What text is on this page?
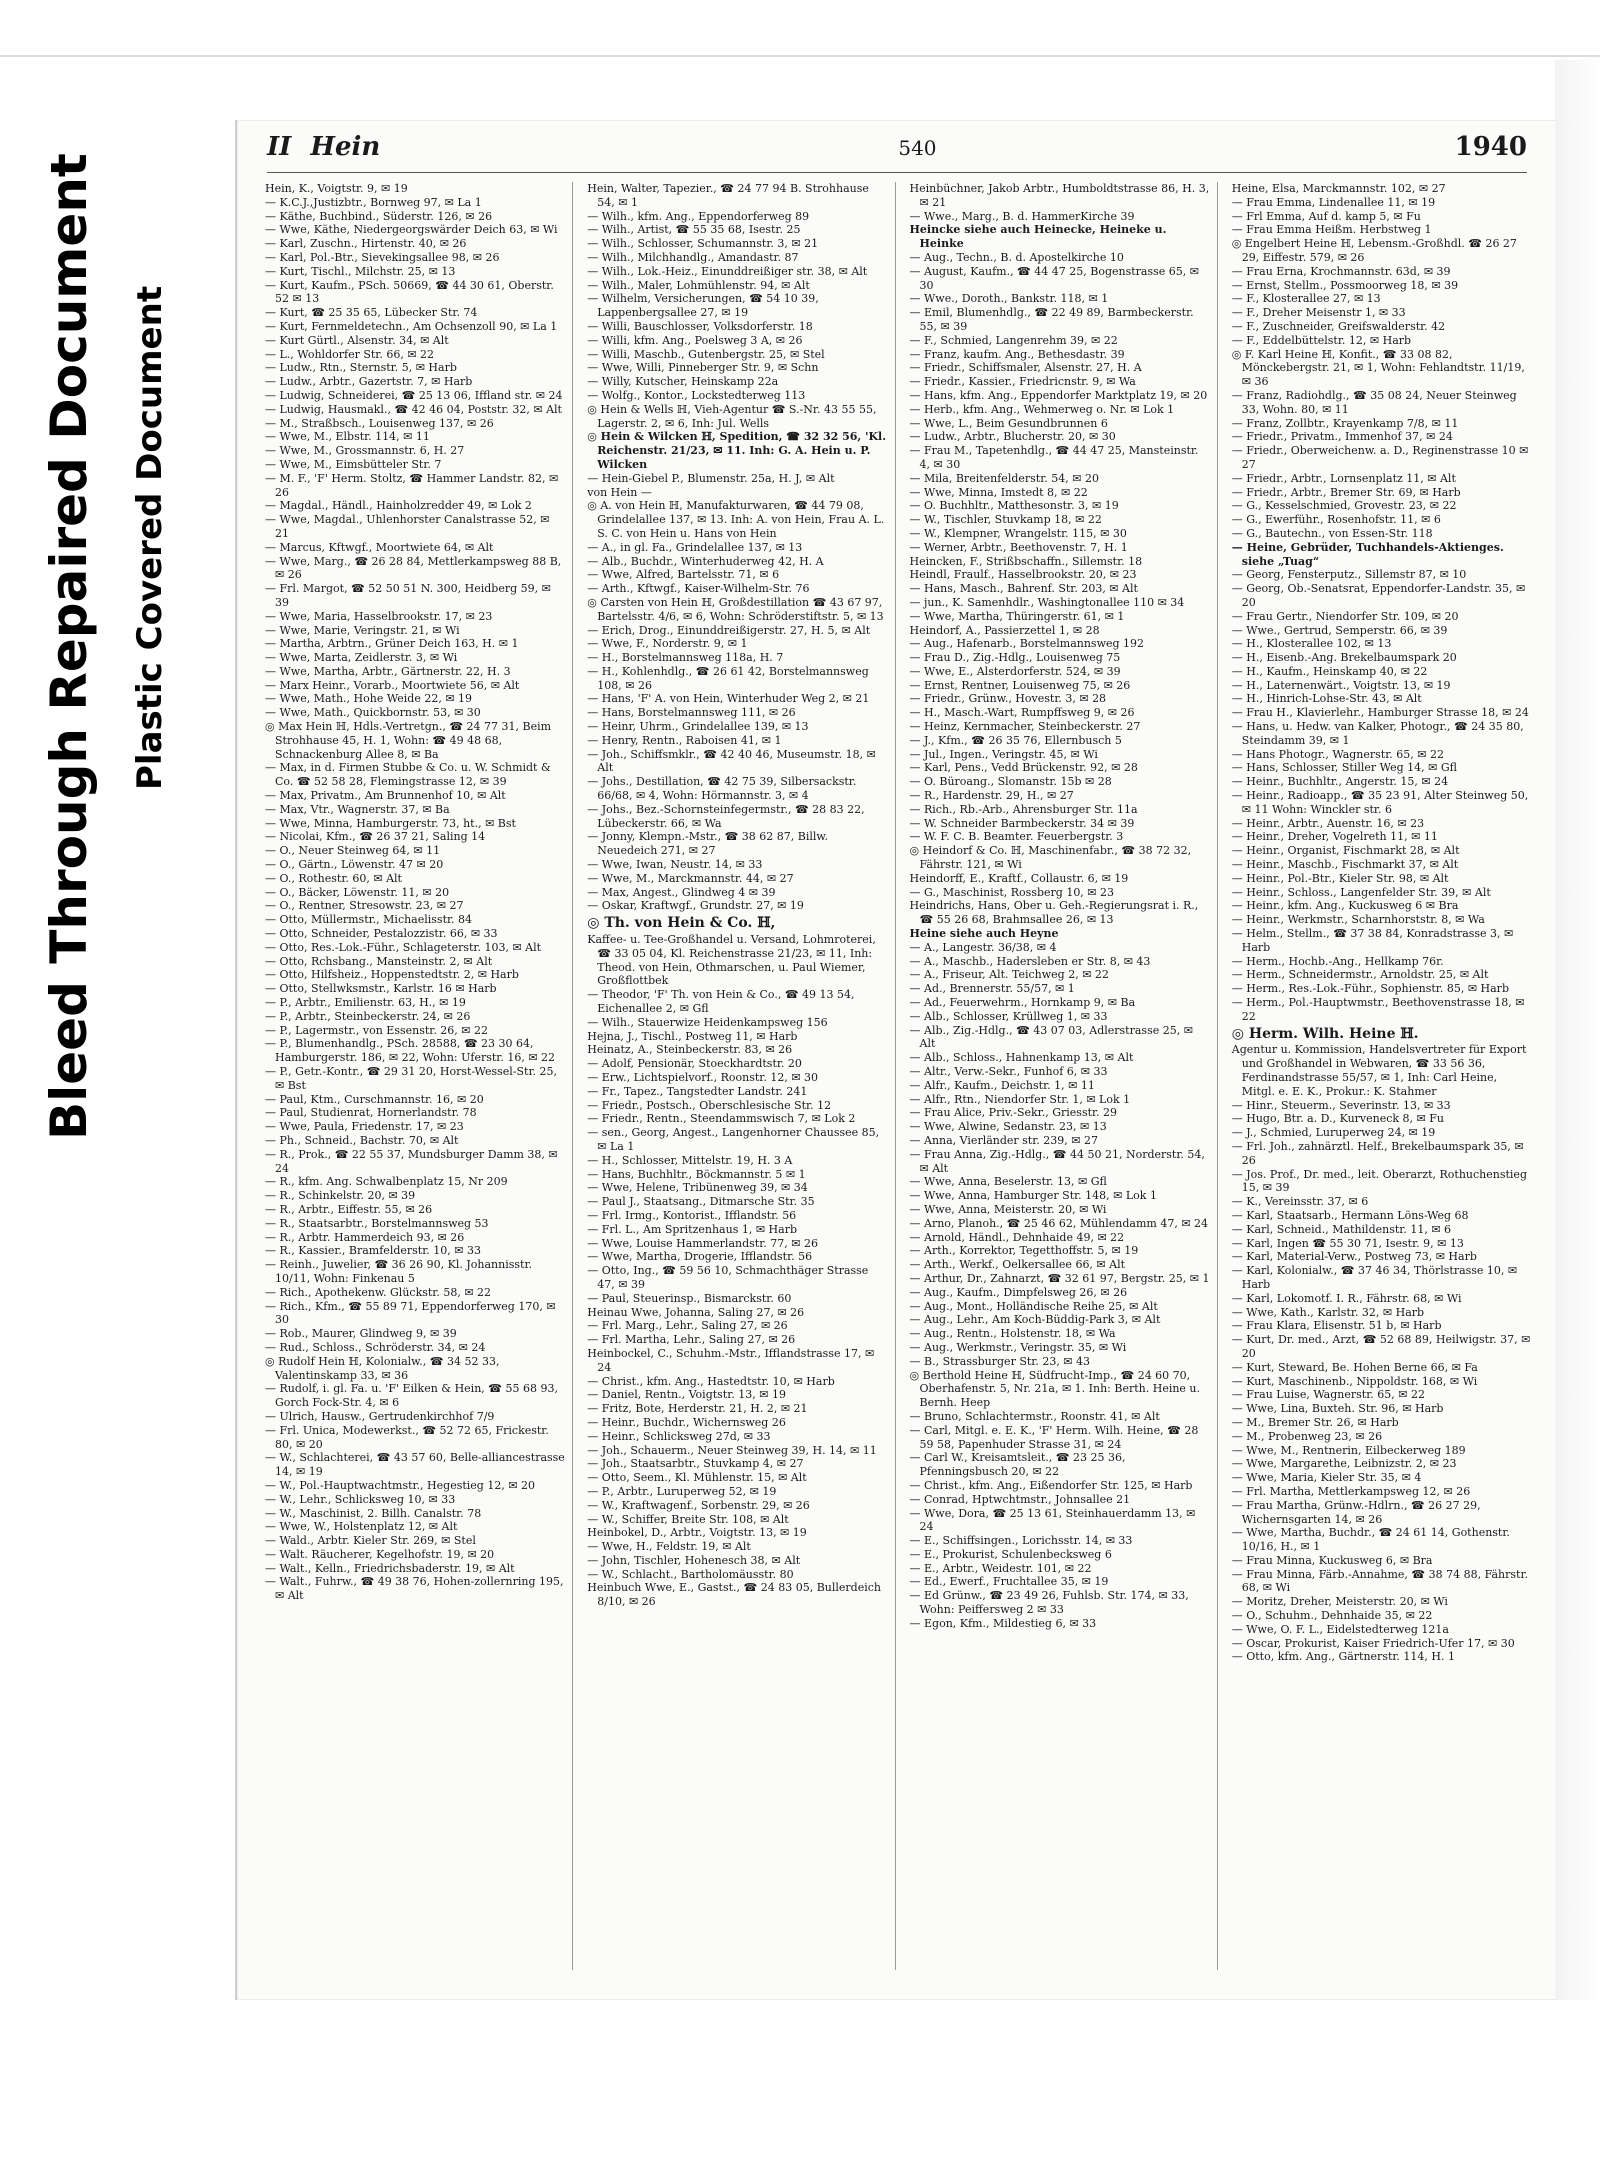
Bleed Through Repaired Document Plastic Covered Document
II Hein	540	1940

Hein, K., Voigtstr. 9, ✉ 19

— K.C.J.,Justizbtr., Bornweg 97, ✉ La 1

— Käthe, Buchbind., Süderstr. 126, ✉ 26

— Wwe, Käthe, Niedergeorgswärder Deich 63, ✉ Wi

— Karl, Zuschn., Hirtenstr. 40, ✉ 26

— Karl, Pol.-Btr., Sievekingsallee 98, ✉ 26

— Kurt, Tischl., Milchstr. 25, ✉ 13

— Kurt, Kaufm., PSch. 50669, ☎ 44 30 61, Oberstr. 52 ✉ 13

— Kurt, ☎ 25 35 65, Lübecker Str. 74

— Kurt, Fernmeldetechn., Am Ochsenzoll 90, ✉ La 1

— Kurt Gürtl., Alsenstr. 34, ✉ Alt

— L., Wohldorfer Str. 66, ✉ 22

— Ludw., Rtn., Sternstr. 5, ✉ Harb

— Ludw., Arbtr., Gazertstr. 7, ✉ Harb

— Ludwig, Schneiderei, ☎ 25 13 06, Iffland str. ✉ 24

— Ludwig, Hausmakl., ☎ 42 46 04, Poststr. 32, ✉ Alt

— M., Straßbsch., Louisenweg 137, ✉ 26

— Wwe, M., Elbstr. 114, ✉ 11

— Wwe, M., Grossmannstr. 6, H. 27

— Wwe, M., Eimsbütteler Str. 7

— M. F., 'F' Herm. Stoltz, ☎ Hammer Landstr. 82, ✉ 26

— Magdal., Händl., Hainholzredder 49, ✉ Lok 2

— Wwe, Magdal., Uhlenhorster Canalstrasse 52, ✉ 21

— Marcus, Kftwgf., Moortwiete 64, ✉ Alt

— Wwe, Marg., ☎ 26 28 84, Mettlerkampsweg 88 B, ✉ 26

— Frl. Margot, ☎ 52 50 51 N. 300, Heidberg 59, ✉ 39

— Wwe, Maria, Hasselbrookstr. 17, ✉ 23

— Wwe, Marie, Veringstr. 21, ✉ Wi

— Martha, Arbtrn., Grüner Deich 163, H. ✉ 1

— Wwe, Marta, Zeidlerstr. 3, ✉ Wi

— Wwe, Martha, Arbtr., Gärtnerstr. 22, H. 3

— Marx Heinr., Vorarb., Moortwiete 56, ✉ Alt

— Wwe, Math., Hohe Weide 22, ✉ 19

— Wwe, Math., Quickbornstr. 53, ✉ 30

◎ Max Hein ℍ, Hdls.-Vertretgn., ☎ 24 77 31, Beim Strohhause 45, H. 1, Wohn: ☎ 49 48 68, Schnackenburg Allee 8, ✉ Ba

— Max, in d. Firmen Stubbe & Co. u. W. Schmidt & Co. ☎ 52 58 28, Flemingstrasse 12, ✉ 39

— Max, Privatm., Am Brunnenhof 10, ✉ Alt

— Max, Vtr., Wagnerstr. 37, ✉ Ba

— Wwe, Minna, Hamburgerstr. 73, ht., ✉ Bst

— Nicolai, Kfm., ☎ 26 37 21, Saling 14

— O., Neuer Steinweg 64, ✉ 11

— O., Gärtn., Löwenstr. 47 ✉ 20

— O., Rothestr. 60, ✉ Alt

— O., Bäcker, Löwenstr. 11, ✉ 20

— O., Rentner, Stresowstr. 23, ✉ 27

— Otto, Müllermstr., Michaelisstr. 84

— Otto, Schneider, Pestalozzistr. 66, ✉ 33

— Otto, Res.-Lok.-Führ., Schlageterstr. 103, ✉ Alt

— Otto, Rchsbang., Mansteinstr. 2, ✉ Alt

— Otto, Hilfsheiz., Hoppenstedtstr. 2, ✉ Harb

— Otto, Stellwksmstr., Karlstr. 16 ✉ Harb

— P., Arbtr., Emilienstr. 63, H., ✉ 19

— P., Arbtr., Steinbeckerstr. 24, ✉ 26

— P., Lagermstr., von Essenstr. 26, ✉ 22

— P., Blumenhandlg., PSch. 28588, ☎ 23 30 64, Hamburgerstr. 186, ✉ 22, Wohn: Uferstr. 16, ✉ 22

— P., Getr.-Kontr., ☎ 29 31 20, Horst-Wessel-Str. 25, ✉ Bst

— Paul, Ktm., Curschmannstr. 16, ✉ 20

— Paul, Studienrat, Hornerlandstr. 78

— Wwe, Paula, Friedenstr. 17, ✉ 23

— Ph., Schneid., Bachstr. 70, ✉ Alt

— R., Prok., ☎ 22 55 37, Mundsburger Damm 38, ✉ 24

— R., kfm. Ang. Schwalbenplatz 15, Nr 209

— R., Schinkelstr. 20, ✉ 39

— R., Arbtr., Eiffestr. 55, ✉ 26

— R., Staatsarbtr., Borstelmannsweg 53

— R., Arbtr. Hammerdeich 93, ✉ 26

— R., Kassier., Bramfelderstr. 10, ✉ 33

— Reinh., Juwelier, ☎ 36 26 90, Kl. Johannisstr. 10/11, Wohn: Finkenau 5

— Rich., Apothekenw. Glückstr. 58, ✉ 22

— Rich., Kfm., ☎ 55 89 71, Eppendorferweg 170, ✉ 30

— Rob., Maurer, Glindweg 9, ✉ 39

— Rud., Schloss., Schröderstr. 34, ✉ 24

◎ Rudolf Hein ℍ, Kolonialw., ☎ 34 52 33, Valentinskamp 33, ✉ 36

— Rudolf, i. gl. Fa. u. 'F' Eilken & Hein, ☎ 55 68 93, Gorch Fock-Str. 4, ✉ 6

— Ulrich, Hausw., Gertrudenkirchhof 7/9

— Frl. Unica, Modewerkst., ☎ 52 72 65, Frickestr. 80, ✉ 20

— W., Schlachterei, ☎ 43 57 60, Belle-alliancestrasse 14, ✉ 19

— W., Pol.-Hauptwachtmstr., Hegestieg 12, ✉ 20

— W., Lehr., Schlicksweg 10, ✉ 33

— W., Maschinist, 2. Billh. Canalstr. 78

— Wwe, W., Holstenplatz 12, ✉ Alt

— Wald., Arbtr. Kieler Str. 269, ✉ Stel

— Walt. Räucherer, Kegelhofstr. 19, ✉ 20

— Walt., Kelln., Friedrichsbaderstr. 19, ✉ Alt

— Walt., Fuhrw., ☎ 49 38 76, Hohen-zollernring 195, ✉ Alt

Hein, Walter, Tapezier., ☎ 24 77 94 B. Strohhause 54, ✉ 1

— Wilh., kfm. Ang., Eppendorferweg 89

— Wilh., Artist, ☎ 55 35 68, Isestr. 25

— Wilh., Schlosser, Schumannstr. 3, ✉ 21

— Wilh., Milchhandlg., Amandastr. 87

— Wilh., Lok.-Heiz., Einunddreißiger str. 38, ✉ Alt

— Wilh., Maler, Lohmühlenstr. 94, ✉ Alt

— Wilhelm, Versicherungen, ☎ 54 10 39, Lappenbergsallee 27, ✉ 19

— Willi, Bauschlosser, Volksdorferstr. 18

— Willi, kfm. Ang., Poelsweg 3 A, ✉ 26

— Willi, Maschb., Gutenbergstr. 25, ✉ Stel

— Wwe, Willi, Pinneberger Str. 9, ✉ Schn

— Willy, Kutscher, Heinskamp 22a

— Wolfg., Kontor., Lockstedterweg 113

◎ Hein & Wells ℍ, Vieh-Agentur ☎ S.-Nr. 43 55 55, Lagerstr. 2, ✉ 6, Inh: Jul. Wells

◎ Hein & Wilcken ℍ, Spedition, ☎ 32 32 56, 'Kl. Reichenstr. 21/23, ✉ 11. Inh: G. A. Hein u. P. Wilcken

— Hein-Giebel P., Blumenstr. 25a, H. J, ✉ Alt

von Hein —

◎ A. von Hein ℍ, Manufakturwaren, ☎ 44 79 08, Grindelallee 137, ✉ 13. Inh: A. von Hein, Frau A. L. S. C. von Hein u. Hans von Hein

— A., in gl. Fa., Grindelallee 137, ✉ 13

— Alb., Buchdr., Winterhuderweg 42, H. A

— Wwe, Alfred, Bartelsstr. 71, ✉ 6

— Arth., Kftwgf., Kaiser-Wilhelm-Str. 76

◎ Carsten von Hein ℍ, Großdestillation ☎ 43 67 97, Bartelsstr. 4/6, ✉ 6, Wohn: Schröderstiftstr. 5, ✉ 13

— Erich, Drog., Einunddreißigerstr. 27, H. 5, ✉ Alt

— Wwe, F., Norderstr. 9, ✉ 1

— H., Borstelmannsweg 118a, H. 7

— H., Kohlenhdlg., ☎ 26 61 42, Borstelmannsweg 108, ✉ 26

— Hans, 'F' A. von Hein, Winterhuder Weg 2, ✉ 21

— Hans, Borstelmannsweg 111, ✉ 26

— Heinr, Uhrm., Grindelallee 139, ✉ 13

— Henry, Rentn., Raboisen 41, ✉ 1

— Joh., Schiffsmklr., ☎ 42 40 46, Museumstr. 18, ✉ Alt

— Johs., Destillation, ☎ 42 75 39, Silbersackstr. 66/68, ✉ 4, Wohn: Hörmannstr. 3, ✉ 4

— Johs., Bez.-Schornsteinfegermstr., ☎ 28 83 22, Lübeckerstr. 66, ✉ Wa

— Jonny, Klempn.-Mstr., ☎ 38 62 87, Billw. Neuedeich 271, ✉ 27

— Wwe, Iwan, Neustr. 14, ✉ 33

— Wwe, M., Marckmannstr. 44, ✉ 27

— Max, Angest., Glindweg 4 ✉ 39

— Oskar, Kraftwgf., Grundstr. 27, ✉ 19

◎ Th. von Hein & Co. ℍ,

Kaffee- u. Tee-Großhandel u. Versand, Lohmroterei, ☎ 33 05 04, Kl. Reichenstrasse 21/23, ✉ 11, Inh: Theod. von Hein, Othmarschen, u. Paul Wiemer, Großflottbek

— Theodor, 'F' Th. von Hein & Co., ☎ 49 13 54, Eichenallee 2, ✉ Gfl

— Wilh., Stauerwize Heidenkampsweg 156

Hejna, J., Tischl., Postweg 11, ✉ Harb

Heinatz, A., Steinbeckerstr. 83, ✉ 26

— Adolf, Pensionär, Stoeckhardtstr. 20

— Erw., Lichtspielvorf., Roonstr. 12, ✉ 30

— Fr., Tapez., Tangstedter Landstr. 241

— Friedr., Postsch., Oberschlesische Str. 12

— Friedr., Rentn., Steendammswisch 7, ✉ Lok 2

— sen., Georg, Angest., Langenhorner Chaussee 85, ✉ La 1

— H., Schlosser, Mittelstr. 19, H. 3 A

— Hans, Buchhltr., Böckmannstr. 5 ✉ 1

— Wwe, Helene, Tribünenweg 39, ✉ 34

— Paul J., Staatsang., Ditmarsche Str. 35

— Frl. Irmg., Kontorist., Ifflandstr. 56

— Frl. L., Am Spritzenhaus 1, ✉ Harb

— Wwe, Louise Hammerlandstr. 77, ✉ 26

— Wwe, Martha, Drogerie, Ifflandstr. 56

— Otto, Ing., ☎ 59 56 10, Schmachthäger Strasse 47, ✉ 39

— Paul, Steuerinsp., Bismarckstr. 60

Heinau Wwe, Johanna, Saling 27, ✉ 26

— Frl. Marg., Lehr., Saling 27, ✉ 26

— Frl. Martha, Lehr., Saling 27, ✉ 26

Heinbockel, C., Schuhm.-Mstr., Ifflandstrasse 17, ✉ 24

— Christ., kfm. Ang., Hastedtstr. 10, ✉ Harb

— Daniel, Rentn., Voigtstr. 13, ✉ 19

— Fritz, Bote, Herderstr. 21, H. 2, ✉ 21

— Heinr., Buchdr., Wichernsweg 26

— Heinr., Schlicksweg 27d, ✉ 33

— Joh., Schauerm., Neuer Steinweg 39, H. 14, ✉ 11

— Joh., Staatsarbtr., Stuvkamp 4, ✉ 27

— Otto, Seem., Kl. Mühlenstr. 15, ✉ Alt

— P., Arbtr., Luruperweg 52, ✉ 19

— W., Kraftwagenf., Sorbenstr. 29, ✉ 26

— W., Schiffer, Breite Str. 108, ✉ Alt

Heinbokel, D., Arbtr., Voigtstr. 13, ✉ 19

— Wwe, H., Feldstr. 19, ✉ Alt

— John, Tischler, Hohenesch 38, ✉ Alt

— W., Schlacht., Bartholomäusstr. 80

Heinbuch Wwe, E., Gastst., ☎ 24 83 05, Bullerdeich 8/10, ✉ 26

Heinbüchner, Jakob Arbtr., Humboldtstrasse 86, H. 3, ✉ 21

— Wwe., Marg., B. d. HammerKirche 39

Heincke siehe auch Heinecke, Heineke u. Heinke

— Aug., Techn., B. d. Apostelkirche 10

— August, Kaufm., ☎ 44 47 25, Bogenstrasse 65, ✉ 30

— Wwe., Doroth., Bankstr. 118, ✉ 1

— Emil, Blumenhdlg., ☎ 22 49 89, Barmbeckerstr. 55, ✉ 39

— F., Schmied, Langenrehm 39, ✉ 22

— Franz, kaufm. Ang., Bethesdastr. 39

— Friedr., Schiffsmaler, Alsenstr. 27, H. A

— Friedr., Kassier., Friedricnstr. 9, ✉ Wa

— Hans, kfm. Ang., Eppendorfer Marktplatz 19, ✉ 20

— Herb., kfm. Ang., Wehmerweg o. Nr. ✉ Lok 1

— Wwe, L., Beim Gesundbrunnen 6

— Ludw., Arbtr., Blucherstr. 20, ✉ 30

— Frau M., Tapetenhdlg., ☎ 44 47 25, Mansteinstr. 4, ✉ 30

— Mila, Breitenfelderstr. 54, ✉ 20

— Wwe, Minna, Imstedt 8, ✉ 22

— O. Buchhltr., Matthesonstr. 3, ✉ 19

— W., Tischler, Stuvkamp 18, ✉ 22

— W., Klempner, Wrangelstr. 115, ✉ 30

— Werner, Arbtr., Beethovenstr. 7, H. 1

Heincken, F., Strißbschaffn., Sillemstr. 18

Heindl, Fraulf., Hasselbrookstr. 20, ✉ 23

— Hans, Masch., Bahrenf. Str. 203, ✉ Alt

— jun., K. Samenhdlr., Washingtonallee 110 ✉ 34

— Wwe, Martha, Thüringerstr. 61, ✉ 1

Heindorf, A., Passierzettel 1, ✉ 28

— Aug., Hafenarb., Borstelmannsweg 192

— Frau D., Zig.-Hdlg., Louisenweg 75

— Wwe, E., Alsterdorferstr. 524, ✉ 39

— Ernst, Rentner, Louisenweg 75, ✉ 26

— Friedr., Grünw., Hovestr. 3, ✉ 28

— H., Masch.-Wart, Rumpffsweg 9, ✉ 26

— Heinz, Kernmacher, Steinbeckerstr. 27

— J., Kfm., ☎ 26 35 76, Ellernbusch 5

— Jul., Ingen., Veringstr. 45, ✉ Wi

— Karl, Pens., Vedd Brückenstr. 92, ✉ 28

— O. Büroang., Slomanstr. 15b ✉ 28

— R., Hardenstr. 29, H., ✉ 27

— Rich., Rb.-Arb., Ahrensburger Str. 11a

— W. Schneider Barmbeckerstr. 34 ✉ 39

— W. F. C. B. Beamter. Feuerbergstr. 3

◎ Heindorf & Co. ℍ, Maschinenfabr., ☎ 38 72 32, Fährstr. 121, ✉ Wi

Heindorff, E., Kraftf., Collaustr. 6, ✉ 19

— G., Maschinist, Rossberg 10, ✉ 23

Heindrichs, Hans, Ober u. Geh.-Regierungsrat i. R., ☎ 55 26 68, Brahmsallee 26, ✉ 13

Heine siehe auch Heyne

— A., Langestr. 36/38, ✉ 4

— A., Maschb., Hadersleben er Str. 8, ✉ 43

— A., Friseur, Alt. Teichweg 2, ✉ 22

— Ad., Brennerstr. 55/57, ✉ 1

— Ad., Feuerwehrm., Hornkamp 9, ✉ Ba

— Alb., Schlosser, Krüllweg 1, ✉ 33

— Alb., Zig.-Hdlg., ☎ 43 07 03, Adlerstrasse 25, ✉ Alt

— Alb., Schloss., Hahnenkamp 13, ✉ Alt

— Altr., Verw.-Sekr., Funhof 6, ✉ 33

— Alfr., Kaufm., Deichstr. 1, ✉ 11

— Alfr., Rtn., Niendorfer Str. 1, ✉ Lok 1

— Frau Alice, Priv.-Sekr., Griesstr. 29

— Wwe, Alwine, Sedanstr. 23, ✉ 13

— Anna, Vierländer str. 239, ✉ 27

— Frau Anna, Zig.-Hdlg., ☎ 44 50 21, Norderstr. 54, ✉ Alt

— Wwe, Anna, Beselerstr. 13, ✉ Gfl

— Wwe, Anna, Hamburger Str. 148, ✉ Lok 1

— Wwe, Anna, Meisterstr. 20, ✉ Wi

— Arno, Planoh., ☎ 25 46 62, Mühlendamm 47, ✉ 24

— Arnold, Händl., Dehnhaide 49, ✉ 22

— Arth., Korrektor, Tegetthoffstr. 5, ✉ 19

— Arth., Werkf., Oelkersallee 66, ✉ Alt

— Arthur, Dr., Zahnarzt, ☎ 32 61 97, Bergstr. 25, ✉ 1

— Aug., Kaufm., Dimpfelsweg 26, ✉ 26

— Aug., Mont., Holländische Reihe 25, ✉ Alt

— Aug., Lehr., Am Koch-Büddig-Park 3, ✉ Alt

— Aug., Rentn., Holstenstr. 18, ✉ Wa

— Aug., Werkmstr., Veringstr. 35, ✉ Wi

— B., Strassburger Str. 23, ✉ 43

◎ Berthold Heine ℍ, Südfrucht-Imp., ☎ 24 60 70, Oberhafenstr. 5, Nr. 21a, ✉ 1. Inh: Berth. Heine u. Bernh. Heep

— Bruno, Schlachtermstr., Roonstr. 41, ✉ Alt

— Carl, Mitgl. e. E. K., 'F' Herm. Wilh. Heine, ☎ 28 59 58, Papenhuder Strasse 31, ✉ 24

— Carl W., Kreisamtsleit., ☎ 23 25 36, Pfenningsbusch 20, ✉ 22

— Christ., kfm. Ang., Eißendorfer Str. 125, ✉ Harb

— Conrad, Hptwchtmstr., Johnsallee 21

— Wwe, Dora, ☎ 25 13 61, Steinhauerdamm 13, ✉ 24

— E., Schiffsingen., Lorichsstr. 14, ✉ 33

— E., Prokurist, Schulenbecksweg 6

— E., Arbtr., Weidestr. 101, ✉ 22

— Ed., Ewerf., Fruchtallee 35, ✉ 19

— Ed Grünw., ☎ 23 49 26, Fuhlsb. Str. 174, ✉ 33, Wohn: Peiffersweg 2 ✉ 33

— Egon, Kfm., Mildestieg 6, ✉ 33

Heine, Elsa, Marckmannstr. 102, ✉ 27

— Frau Emma, Lindenallee 11, ✉ 19

— Frl Emma, Auf d. kamp 5, ✉ Fu

— Frau Emma Heißm. Herbstweg 1

◎ Engelbert Heine ℍ, Lebensm.-Großhdl. ☎ 26 27 29, Eiffestr. 579, ✉ 26

— Frau Erna, Krochmannstr. 63d, ✉ 39

— Ernst, Stellm., Possmoorweg 18, ✉ 39

— F., Klosterallee 27, ✉ 13

— F., Dreher Meisenstr 1, ✉ 33

— F., Zuschneider, Greifswalderstr. 42

— F., Eddelbüttelstr. 12, ✉ Harb

◎ F. Karl Heine ℍ, Konfit., ☎ 33 08 82, Mönckebergstr. 21, ✉ 1, Wohn: Fehlandtstr. 11/19, ✉ 36

— Franz, Radiohdlg., ☎ 35 08 24, Neuer Steinweg 33, Wohn. 80, ✉ 11

— Franz, Zollbtr., Krayenkamp 7/8, ✉ 11

— Friedr., Privatm., Immenhof 37, ✉ 24

— Friedr., Oberweichenw. a. D., Reginenstrasse 10 ✉ 27

— Friedr., Arbtr., Lornsenplatz 11, ✉ Alt

— Friedr., Arbtr., Bremer Str. 69, ✉ Harb

— G., Kesselschmied, Grovestr. 23, ✉ 22

— G., Ewerführ., Rosenhofstr. 11, ✉ 6

— G., Bautechn., von Essen-Str. 118

— Heine, Gebrüder, Tuchhandels-Aktienges. siehe „Tuag“

— Georg, Fensterputz., Sillemstr 87, ✉ 10

— Georg, Ob.-Senatsrat, Eppendorfer-Landstr. 35, ✉ 20

— Frau Gertr., Niendorfer Str. 109, ✉ 20

— Wwe., Gertrud, Semperstr. 66, ✉ 39

— H., Klosterallee 102, ✉ 13

— H., Eisenb.-Ang. Brekelbaumspark 20

— H., Kaufm., Heinskamp 40, ✉ 22

— H., Laternenwärt., Voigtstr. 13, ✉ 19

— H., Hinrich-Lohse-Str. 43, ✉ Alt

— Frau H., Klavierlehr., Hamburger Strasse 18, ✉ 24

— Hans, u. Hedw. van Kalker, Photogr., ☎ 24 35 80, Steindamm 39, ✉ 1

— Hans Photogr., Wagnerstr. 65, ✉ 22

— Hans, Schlosser, Stiller Weg 14, ✉ Gfl

— Heinr., Buchhltr., Angerstr. 15, ✉ 24

— Heinr., Radioapp., ☎ 35 23 91, Alter Steinweg 50, ✉ 11 Wohn: Winckler str. 6

— Heinr., Arbtr., Auenstr. 16, ✉ 23

— Heinr., Dreher, Vogelreth 11, ✉ 11

— Heinr., Organist, Fischmarkt 28, ✉ Alt

— Heinr., Maschb., Fischmarkt 37, ✉ Alt

— Heinr., Pol.-Btr., Kieler Str. 98, ✉ Alt

— Heinr., Schloss., Langenfelder Str. 39, ✉ Alt

— Heinr., kfm. Ang., Kuckusweg 6 ✉ Bra

— Heinr., Werkmstr., Scharnhorststr. 8, ✉ Wa

— Helm., Stellm., ☎ 37 38 84, Konradstrasse 3, ✉ Harb

— Herm., Hochb.-Ang., Hellkamp 76r.

— Herm., Schneidermstr., Arnoldstr. 25, ✉ Alt

— Herm., Res.-Lok.-Führ., Sophienstr. 85, ✉ Harb

— Herm., Pol.-Hauptwmstr., Beethovenstrasse 18, ✉ 22

◎ Herm. Wilh. Heine ℍ.

Agentur u. Kommission, Handelsvertreter für Export und Großhandel in Webwaren, ☎ 33 56 36, Ferdinandstrasse 55/57, ✉ 1, Inh: Carl Heine, Mitgl. e. E. K., Prokur.: K. Stahmer

— Hinr., Steuerm., Severinstr. 13, ✉ 33

— Hugo, Btr. a. D., Kurveneck 8, ✉ Fu

— J., Schmied, Luruperweg 24, ✉ 19

— Frl. Joh., zahnärztl. Helf., Brekelbaumspark 35, ✉ 26

— Jos. Prof., Dr. med., leit. Oberarzt, Rothuchenstieg 15, ✉ 39

— K., Vereinsstr. 37, ✉ 6

— Karl, Staatsarb., Hermann Löns-Weg 68

— Karl, Schneid., Mathildenstr. 11, ✉ 6

— Karl, Ingen ☎ 55 30 71, Isestr. 9, ✉ 13

— Karl, Material-Verw., Postweg 73, ✉ Harb

— Karl, Kolonialw., ☎ 37 46 34, Thörlstrasse 10, ✉ Harb

— Karl, Lokomotf. I. R., Fährstr. 68, ✉ Wi

— Wwe, Kath., Karlstr. 32, ✉ Harb

— Frau Klara, Elisenstr. 51 b, ✉ Harb

— Kurt, Dr. med., Arzt, ☎ 52 68 89, Heilwigstr. 37, ✉ 20

— Kurt, Steward, Be. Hohen Berne 66, ✉ Fa

— Kurt, Maschinenb., Nippoldstr. 168, ✉ Wi

— Frau Luise, Wagnerstr. 65, ✉ 22

— Wwe, Lina, Buxteh. Str. 96, ✉ Harb

— M., Bremer Str. 26, ✉ Harb

— M., Probenweg 23, ✉ 26

— Wwe, M., Rentnerin, Eilbeckerweg 189

— Wwe, Margarethe, Leibnizstr. 2, ✉ 23

— Wwe, Maria, Kieler Str. 35, ✉ 4

— Frl. Martha, Mettlerkampsweg 12, ✉ 26

— Frau Martha, Grünw.-Hdlrn., ☎ 26 27 29, Wichernsgarten 14, ✉ 26

— Wwe, Martha, Buchdr., ☎ 24 61 14, Gothenstr. 10/16, H., ✉ 1

— Frau Minna, Kuckusweg 6, ✉ Bra

— Frau Minna, Färb.-Annahme, ☎ 38 74 88, Fährstr. 68, ✉ Wi

— Moritz, Dreher, Meisterstr. 20, ✉ Wi

— O., Schuhm., Dehnhaide 35, ✉ 22

— Wwe, O. F. L., Eidelstedterweg 121a

— Oscar, Prokurist, Kaiser Friedrich-Ufer 17, ✉ 30

— Otto, kfm. Ang., Gärtnerstr. 114, H. 1
